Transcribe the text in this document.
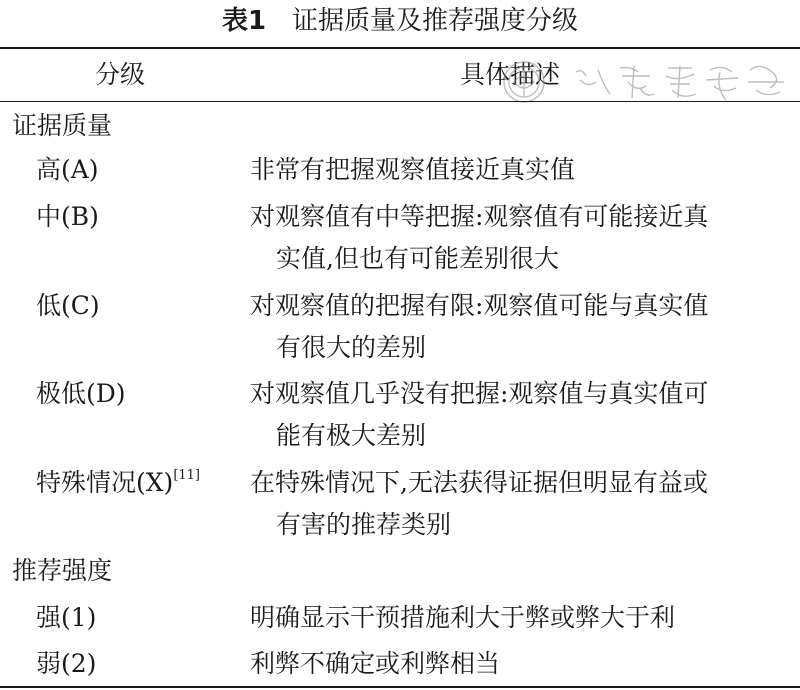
表1 证据质量及推荐强度分级
分级	具体描述
证据质量
高(A)	非常有把握观察值接近真实值
中(B)	对观察值有中等把握:观察值有可能接近真
实值,但也有可能差别很大
低(C)	对观察值的把握有限:观察值可能与真实值
有很大的差别
极低(D)	对观察值几乎没有把握:观察值与真实值可
能有极大差别
特殊情况(X)[11] 在特殊情况下,无法获得证据但明显有益或
有害的推荐类别
推荐强度
强(1)	明确显示干预措施利大于弊或弊大于利
弱(2)	利弊不确定或利弊相当
